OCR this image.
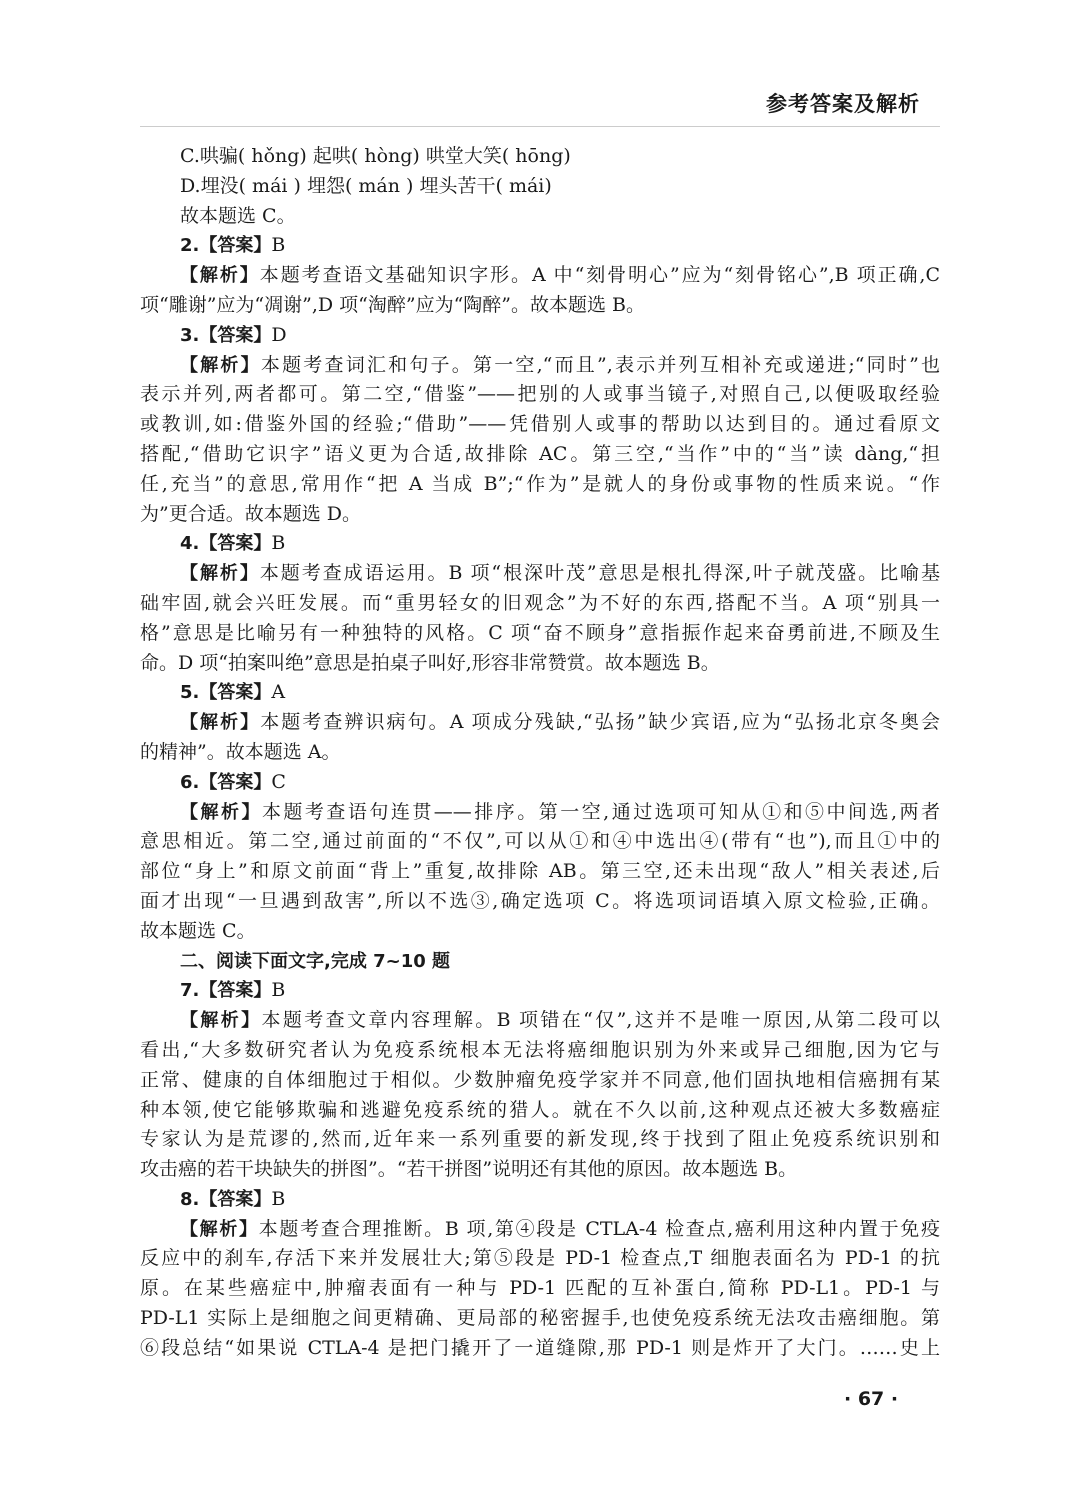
参考答案及解析
C.哄骗( hǒng) 起哄( hòng) 哄堂大笑( hōng)
D.埋没( mái ) 埋怨( mán ) 埋头苦干( mái)
故本题选 C。
2.【答案】B
【解析】本题考查语文基础知识字形。A 中“刻骨明心”应为“刻骨铭心”,B 项正确,C
项“雕谢”应为“凋谢”,D 项“淘醉”应为“陶醉”。故本题选 B。
3.【答案】D
【解析】本题考查词汇和句子。第一空,“而且”,表示并列互相补充或递进;“同时”也
表示并列,两者都可。第二空,“借鉴”——把别的人或事当镜子,对照自己,以便吸取经验
或教训,如:借鉴外国的经验;“借助”——凭借别人或事的帮助以达到目的。通过看原文
搭配,“借助它识字”语义更为合适,故排除 AC。第三空,“当作”中的“当”读 dàng,“担
任,充当”的意思,常用作“把 A 当成 B”;“作为”是就人的身份或事物的性质来说。“作
为”更合适。故本题选 D。
4.【答案】B
【解析】本题考查成语运用。B 项“根深叶茂”意思是根扎得深,叶子就茂盛。比喻基
础牢固,就会兴旺发展。而“重男轻女的旧观念”为不好的东西,搭配不当。A 项“别具一
格”意思是比喻另有一种独特的风格。C 项“奋不顾身”意指振作起来奋勇前进,不顾及生
命。D 项“拍案叫绝”意思是拍桌子叫好,形容非常赞赏。故本题选 B。
5.【答案】A
【解析】本题考查辨识病句。A 项成分残缺,“弘扬”缺少宾语,应为“弘扬北京冬奥会
的精神”。故本题选 A。
6.【答案】C
【解析】本题考查语句连贯——排序。第一空,通过选项可知从①和⑤中间选,两者
意思相近。第二空,通过前面的“不仅”,可以从①和④中选出④(带有“也”),而且①中的
部位“身上”和原文前面“背上”重复,故排除 AB。第三空,还未出现“敌人”相关表述,后
面才出现“一旦遇到敌害”,所以不选③,确定选项 C。将选项词语填入原文检验,正确。
故本题选 C。
二、阅读下面文字,完成 7~10 题
7.【答案】B
【解析】本题考查文章内容理解。B 项错在“仅”,这并不是唯一原因,从第二段可以
看出,“大多数研究者认为免疫系统根本无法将癌细胞识别为外来或异己细胞,因为它与
正常、健康的自体细胞过于相似。少数肿瘤免疫学家并不同意,他们固执地相信癌拥有某
种本领,使它能够欺骗和逃避免疫系统的猎人。就在不久以前,这种观点还被大多数癌症
专家认为是荒谬的,然而,近年来一系列重要的新发现,终于找到了阻止免疫系统识别和
攻击癌的若干块缺失的拼图”。“若干拼图”说明还有其他的原因。故本题选 B。
8.【答案】B
【解析】本题考查合理推断。B 项,第④段是 CTLA-4 检查点,癌利用这种内置于免疫
反应中的刹车,存活下来并发展壮大;第⑤段是 PD-1 检查点,T 细胞表面名为 PD-1 的抗
原。在某些癌症中,肿瘤表面有一种与 PD-1 匹配的互补蛋白,简称 PD-L1。PD-1 与
PD-L1 实际上是细胞之间更精确、更局部的秘密握手,也使免疫系统无法攻击癌细胞。第
⑥段总结“如果说 CTLA-4 是把门撬开了一道缝隙,那 PD-1 则是炸开了大门。……史上
· 67 ·
